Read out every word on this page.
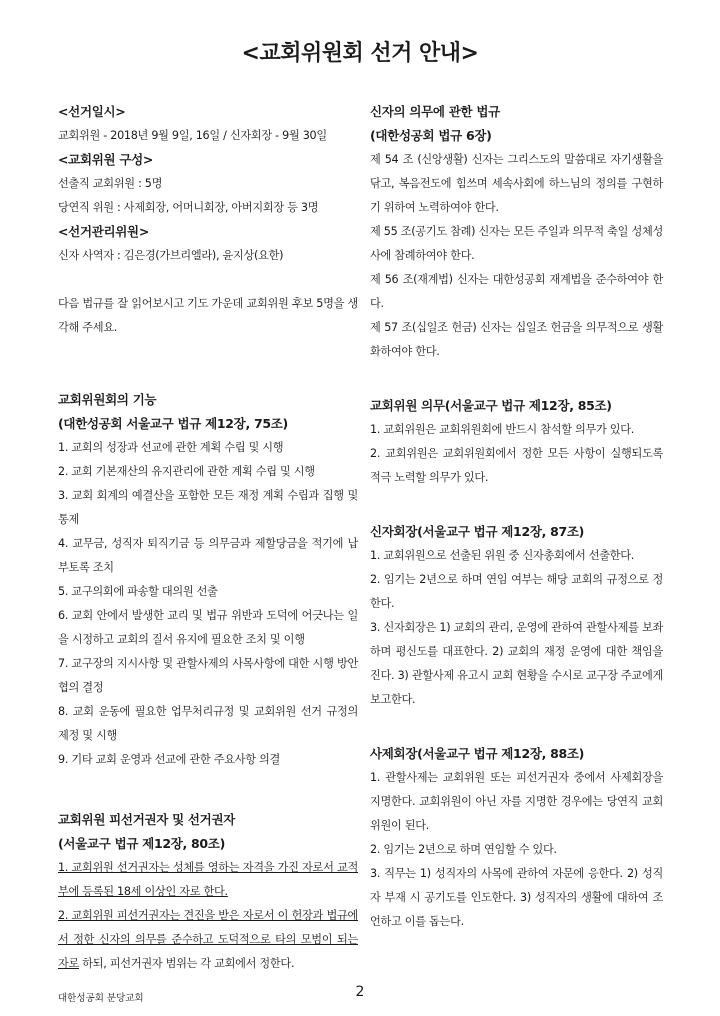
<교회위원회 선거 안내>

<선거일시>

교회위원 - 2018년 9월 9일, 16일 / 신자회장 - 9월 30일

<교회위원 구성>

선출직 교회위원 : 5명

당연직 위원 : 사제회장, 어머니회장, 아버지회장 등 3명

<선거관리위원>

신자 사역자 : 김은경(가브리엘라), 윤지상(요한)

다음 법규를 잘 읽어보시고 기도 가운데 교회위원 후보 5명을 생각해 주세요.

교회위원회의 기능

(대한성공회 서울교구 법규 제12장, 75조)

1. 교회의 성장과 선교에 관한 계획 수립 및 시행

2. 교회 기본재산의 유지관리에 관한 계획 수립 및 시행

3. 교회 회계의 예결산을 포함한 모든 재정 계획 수립과 집행 및 통제

4. 교무금, 성직자 퇴직기금 등 의무금과 제할당금을 적기에 납부토록 조치

5. 교구의회에 파송할 대의원 선출

6. 교회 안에서 발생한 교리 및 법규 위반과 도덕에 어긋나는 일을 시정하고 교회의 질서 유지에 필요한 조치 및 이행

7. 교구장의 지시사항 및 관할사제의 사목사항에 대한 시행 방안 협의 결정

8. 교회 운동에 필요한 업무처리규정 및 교회위원 선거 규정의 제정 및 시행

9. 기타 교회 운영과 선교에 관한 주요사항 의결

교회위원 피선거권자 및 선거권자

(서울교구 법규 제12장, 80조)

1. 교회위원 선거권자는 성체를 영하는 자격을 가진 자로서 교적부에 등록된 18세 이상인 자로 한다.

2. 교회위원 피선거권자는 견진을 받은 자로서 이 헌장과 법규에서 정한 신자의 의무를 준수하고 도덕적으로 타의 모범이 되는 자로 하되, 피선거권자 범위는 각 교회에서 정한다.

신자의 의무에 관한 법규

(대한성공회 법규 6장)

제 54 조 (신앙생활) 신자는 그리스도의 말씀대로 자기생활을 닦고, 복음전도에 힘쓰며 세속사회에 하느님의 정의를 구현하기 위하여 노력하여야 한다.

제 55 조(공기도 참례) 신자는 모든 주일과 의무적 축일 성체성사에 참례하여야 한다.

제 56 조(재계법) 신자는 대한성공회 재계법을 준수하여야 한다.

제 57 조(십일조 헌금) 신자는 십일조 헌금을 의무적으로 생활화하여야 한다.

교회위원 의무(서울교구 법규 제12장, 85조)

1. 교회위원은 교회위원회에 반드시 참석할 의무가 있다.

2. 교회위원은 교회위원회에서 정한 모든 사항이 실행되도록 적극 노력할 의무가 있다.

신자회장(서울교구 법규 제12장, 87조)

1. 교회위원으로 선출된 위원 중 신자총회에서 선출한다.

2. 임기는 2년으로 하며 연임 여부는 해당 교회의 규정으로 정한다.

3. 신자회장은 1) 교회의 관리, 운영에 관하여 관할사제를 보좌하며 평신도를 대표한다. 2) 교회의 재정 운영에 대한 책임을 진다. 3) 관할사제 유고시 교회 현황을 수시로 교구장 주교에게 보고한다.

사제회장(서울교구 법규 제12장, 88조)

1. 관할사제는 교회위원 또는 피선거권자 중에서 사제회장을 지명한다. 교회위원이 아닌 자를 지명한 경우에는 당연직 교회위원이 된다.

2. 임기는 2년으로 하며 연임할 수 있다.

3. 직무는 1) 성직자의 사목에 관하여 자문에 응한다. 2) 성직자 부재 시 공기도를 인도한다. 3) 성직자의 생활에 대하여 조언하고 이를 돕는다.

대한성공회 분당교회	2
